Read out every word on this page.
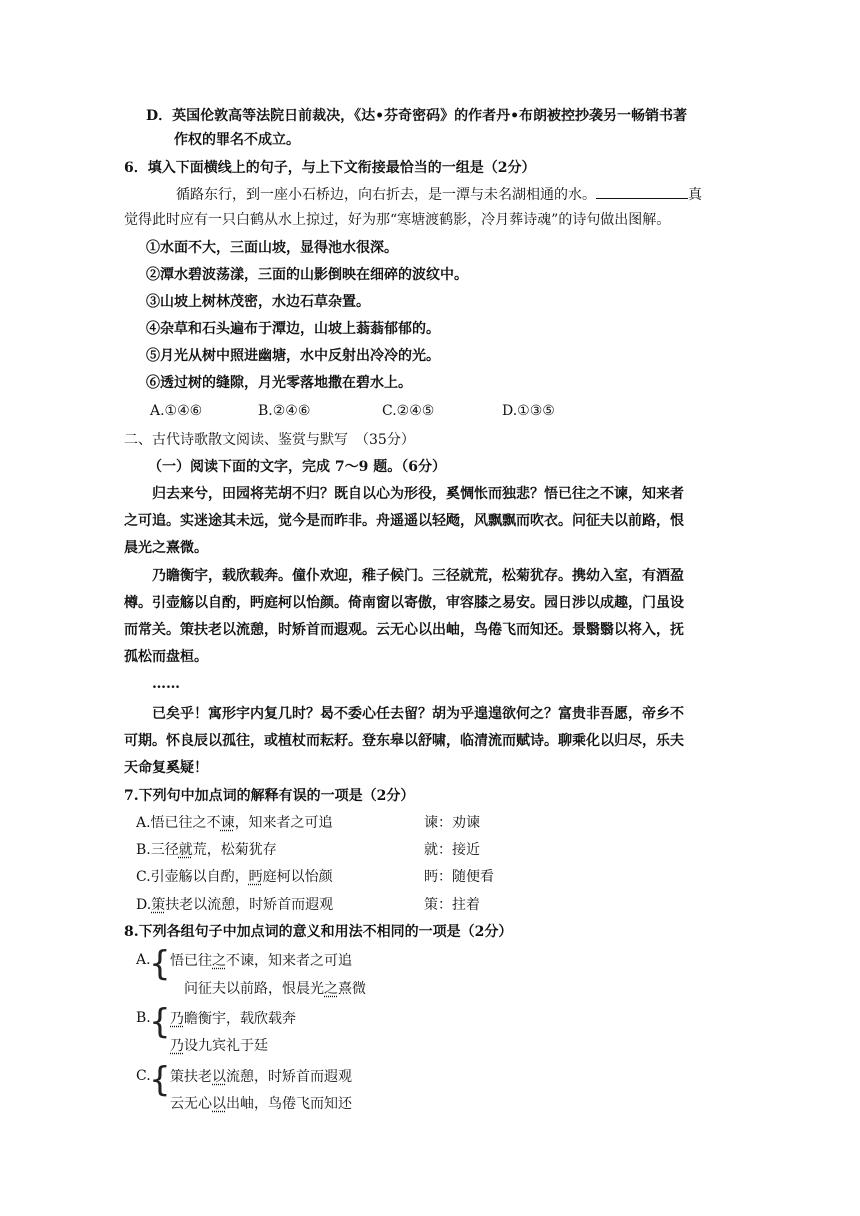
D．英国伦敦高等法院日前裁决，《达•芬奇密码》的作者丹•布朗被控抄袭另一畅销书著
作权的罪名不成立。
6．填入下面横线上的句子，与上下文衔接最恰当的一组是（2分）
循路东行，到一座小石桥边，向右折去，是一潭与未名湖相通的水。	真
觉得此时应有一只白鹤从水上掠过，好为那“寒塘渡鹤影，冷月葬诗魂”的诗句做出图解。
①水面不大，三面山坡，显得池水很深。
②潭水碧波荡漾，三面的山影倒映在细碎的波纹中。
③山坡上树林茂密，水边石草杂置。
④杂草和石头遍布于潭边，山坡上蓊蓊郁郁的。
⑤月光从树中照进幽塘，水中反射出冷冷的光。
⑥透过树的缝隙，月光零落地撒在碧水上。
A.①④⑥	B.②④⑥	C.②④⑤	D.①③⑤
二、古代诗歌散文阅读、鉴赏与默写　（35分）
（一）阅读下面的文字，完成 7～9 题。（6分）
归去来兮，田园将芜胡不归？既自以心为形役，奚惆怅而独悲？悟已往之不谏，知来者
之可追。实迷途其未远，觉今是而昨非。舟遥遥以轻飏，风飘飘而吹衣。问征夫以前路，恨
晨光之熹微。
乃瞻衡宇，载欣载奔。僮仆欢迎，稚子候门。三径就荒，松菊犹存。携幼入室，有酒盈
樽。引壶觞以自酌，眄庭柯以怡颜。倚南窗以寄傲，审容膝之易安。园日涉以成趣，门虽设
而常关。策扶老以流憩，时矫首而遐观。云无心以出岫，鸟倦飞而知还。景翳翳以将入，抚
孤松而盘桓。
……
已矣乎！寓形宇内复几时？曷不委心任去留？胡为乎遑遑欲何之？富贵非吾愿，帝乡不
可期。怀良辰以孤往，或植杖而耘耔。登东皋以舒啸，临清流而赋诗。聊乘化以归尽，乐夫
天命复奚疑！
7.下列句中加点词的解释有误的一项是（2分）
A.悟已往之不谏，知来者之可追	谏：劝谏
B.三径就荒，松菊犹存	就：接近
C.引壶觞以自酌，眄庭柯以怡颜	眄：随便看
D.策扶老以流憩，时矫首而遐观	策：拄着
8.下列各组句子中加点词的意义和用法不相同的一项是（2分）
A.
{ 悟已往之不谏，知来者之可追
问征夫以前路，恨晨光之熹微
B.
{ 乃瞻衡宇，载欣载奔
乃设九宾礼于廷
C.
{ 策扶老以流憩，时矫首而遐观
云无心以出岫，鸟倦飞而知还
